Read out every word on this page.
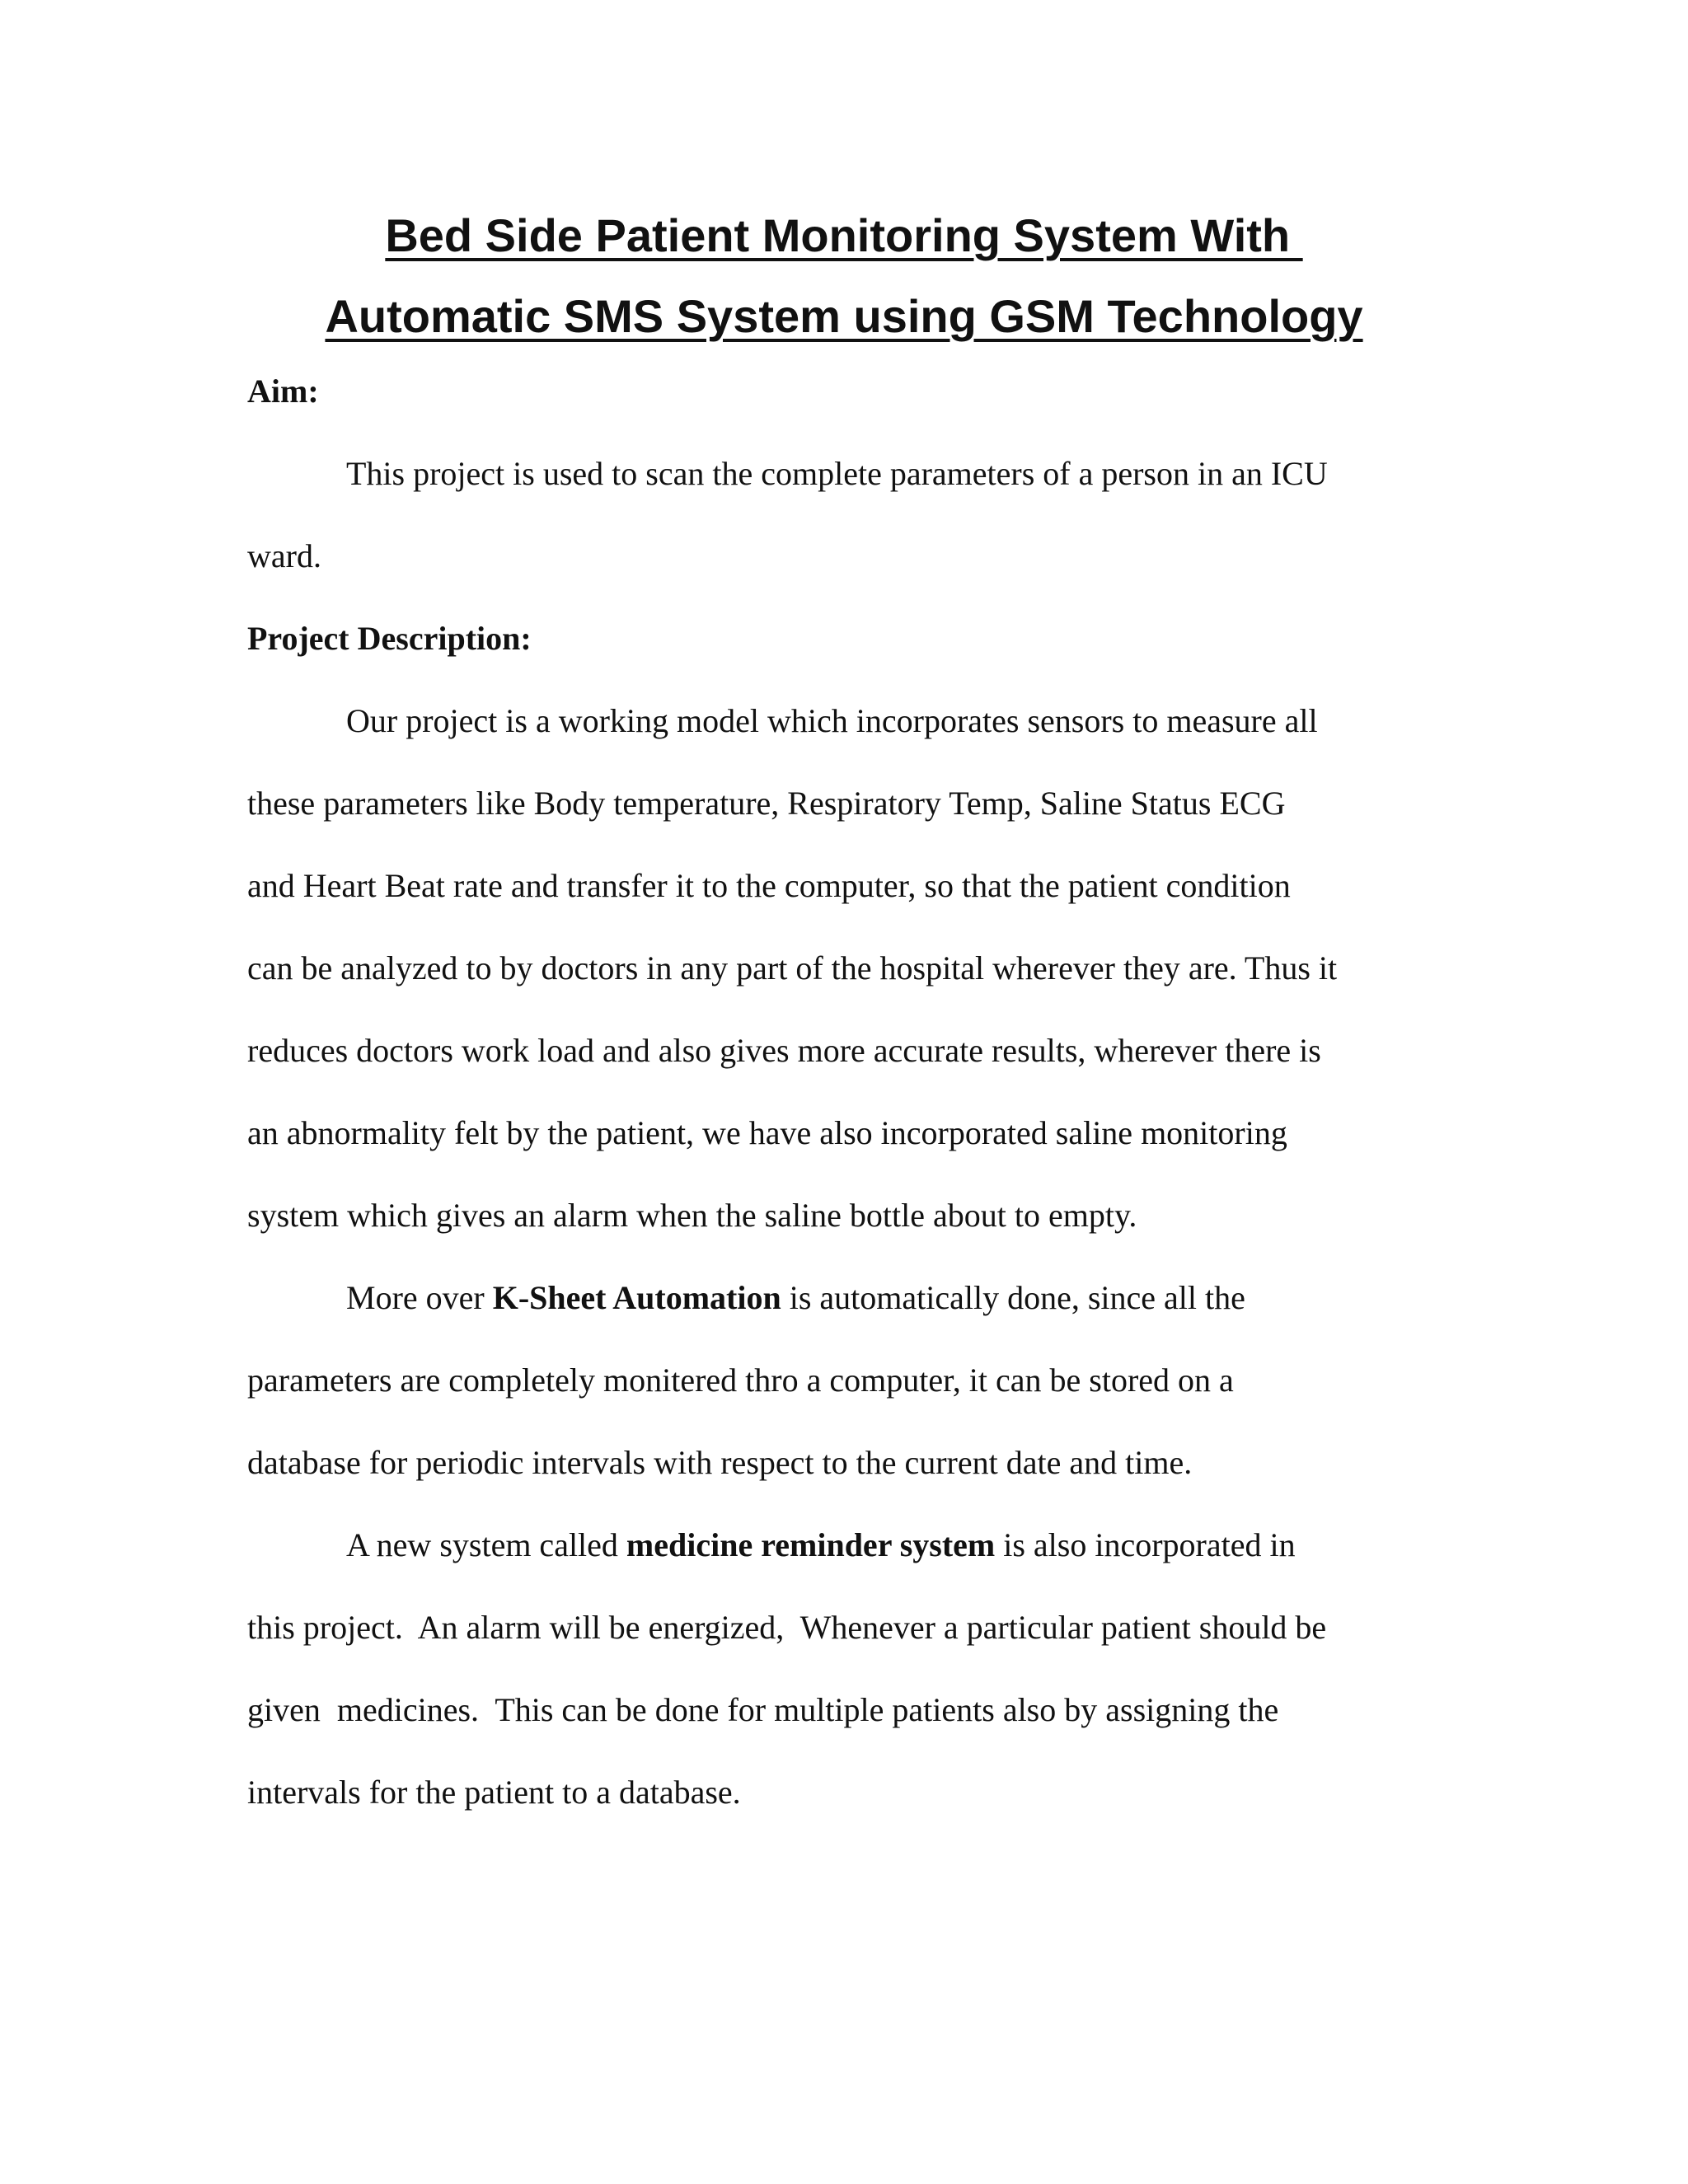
Bed Side Patient Monitoring System With
Automatic SMS System using GSM Technology

Aim:

This project is used to scan the complete parameters of a person in an ICU
ward.

Project Description:

Our project is a working model which incorporates sensors to measure all
these parameters like Body temperature, Respiratory Temp, Saline Status ECG
and Heart Beat rate and transfer it to the computer, so that the patient condition
can be analyzed to by doctors in any part of the hospital wherever they are. Thus it
reduces doctors work load and also gives more accurate results, wherever there is
an abnormality felt by the patient, we have also incorporated saline monitoring
system which gives an alarm when the saline bottle about to empty.
More over K-Sheet Automation is automatically done, since all the
parameters are completely monitered thro a computer, it can be stored on a
database for periodic intervals with respect to the current date and time.
A new system called medicine reminder system is also incorporated in
this project.  An alarm will be energized,  Whenever a particular patient should be
given  medicines.  This can be done for multiple patients also by assigning the
intervals for the patient to a database.
